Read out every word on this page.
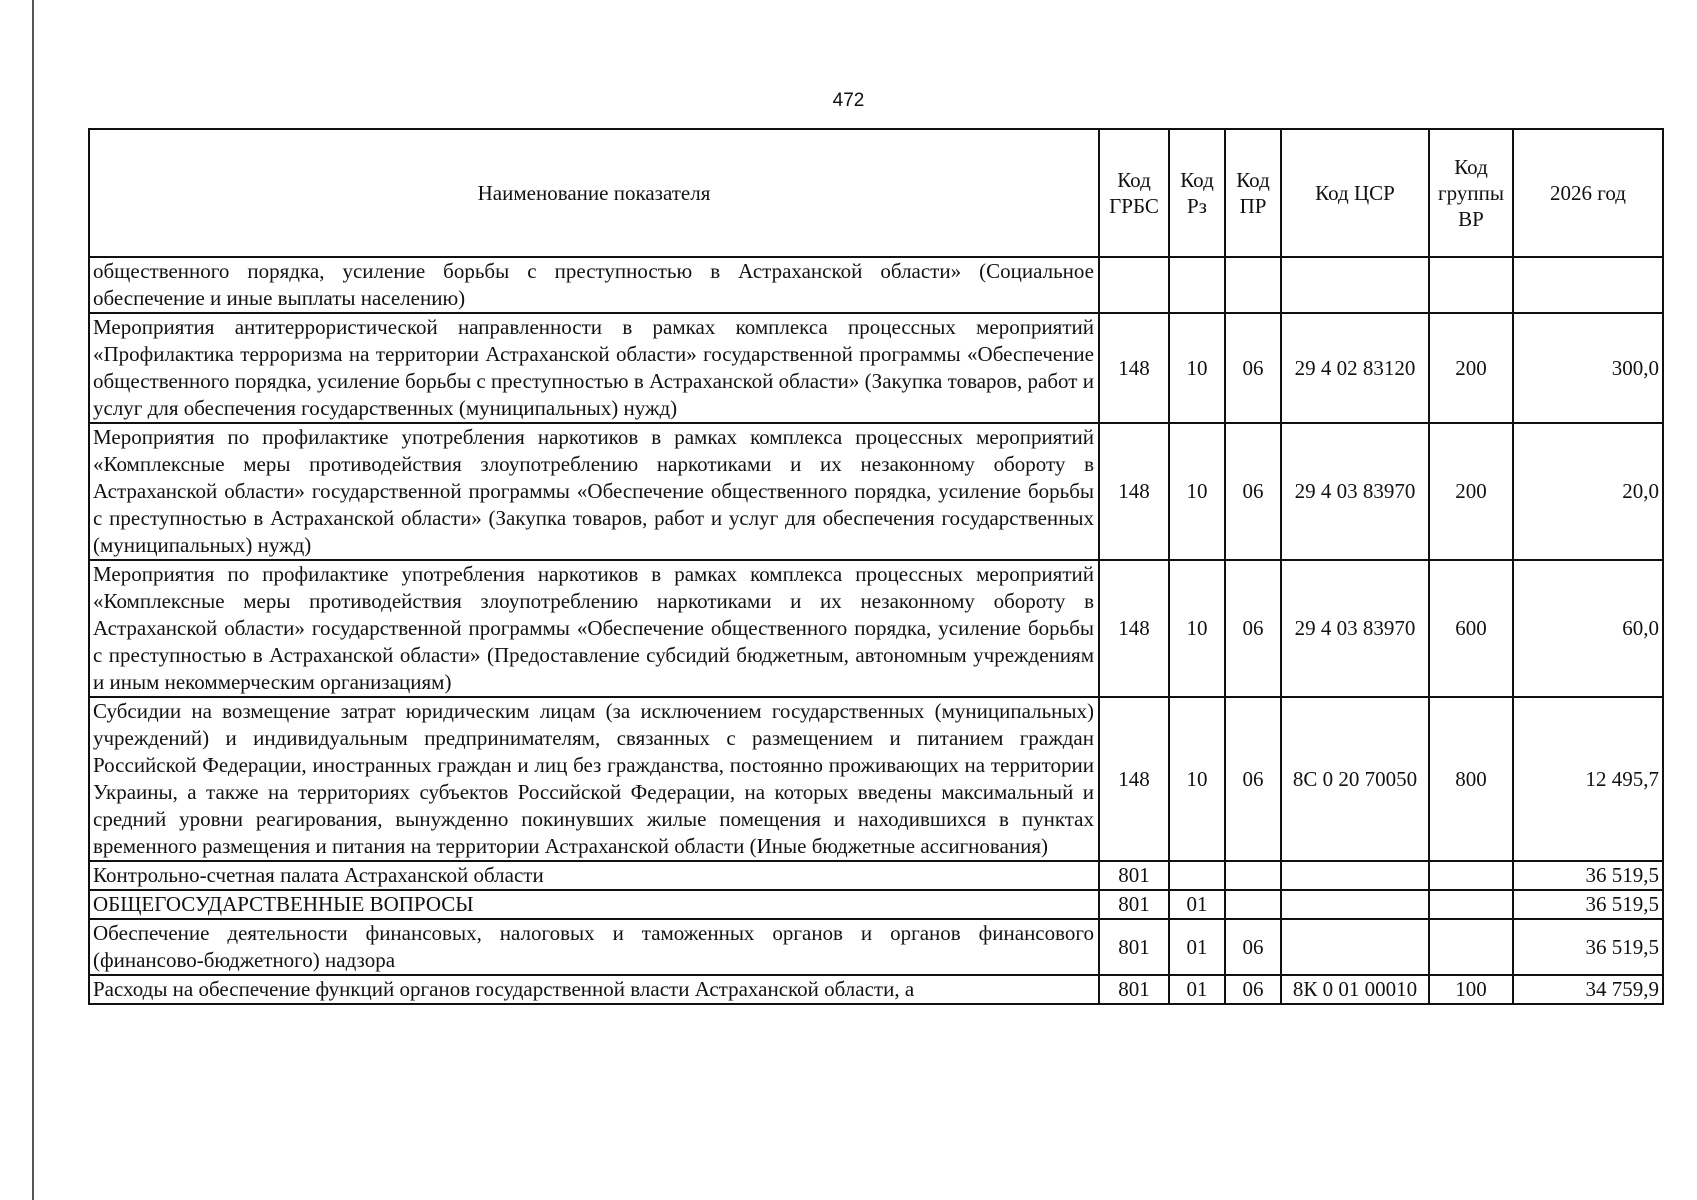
472
Наименование показателя	Код ГРБС	Код Рз	Код ПР	Код ЦСР	Код группы ВР	2026 год
общественного порядка, усиление борьбы с преступностью в Астраханской области» (Социальное обеспечение и иные выплаты населению)						
Мероприятия антитеррористической направленности в рамках комплекса процессных мероприятий «Профилактика терроризма на территории Астраханской области» государственной программы «Обеспечение общественного порядка, усиление борьбы с преступностью в Астраханской области» (Закупка товаров, работ и услуг для обеспечения государственных (муниципальных) нужд)	148	10	06	29 4 02 83120	200	300,0
Мероприятия по профилактике употребления наркотиков в рамках комплекса процессных мероприятий «Комплексные меры противодействия злоупотреблению наркотиками и их незаконному обороту в Астраханской области» государственной программы «Обеспечение общественного порядка, усиление борьбы с преступностью в Астраханской области» (Закупка товаров, работ и услуг для обеспечения государственных (муниципальных) нужд)	148	10	06	29 4 03 83970	200	20,0
Мероприятия по профилактике употребления наркотиков в рамках комплекса процессных мероприятий «Комплексные меры противодействия злоупотреблению наркотиками и их незаконному обороту в Астраханской области» государственной программы «Обеспечение общественного порядка, усиление борьбы с преступностью в Астраханской области» (Предоставление субсидий бюджетным, автономным учреждениям и иным некоммерческим организациям)	148	10	06	29 4 03 83970	600	60,0
Субсидии на возмещение затрат юридическим лицам (за исключением государственных (муниципальных) учреждений) и индивидуальным предпринимателям, связанных с размещением и питанием граждан Российской Федерации, иностранных граждан и лиц без гражданства, постоянно проживающих на территории Украины, а также на территориях субъектов Российской Федерации, на которых введены максимальный и средний уровни реагирования, вынужденно покинувших жилые помещения и находившихся в пунктах временного размещения и питания на территории Астраханской области (Иные бюджетные ассигнования)	148	10	06	8С 0 20 70050	800	12 495,7
Контрольно-счетная палата Астраханской области	801					36 519,5
ОБЩЕГОСУДАРСТВЕННЫЕ ВОПРОСЫ	801	01				36 519,5
Обеспечение деятельности финансовых, налоговых и таможенных органов и органов финансового (финансово-бюджетного) надзора	801	01	06			36 519,5
Расходы на обеспечение функций органов государственной власти Астраханской области, а	801	01	06	8К 0 01 00010	100	34 759,9
